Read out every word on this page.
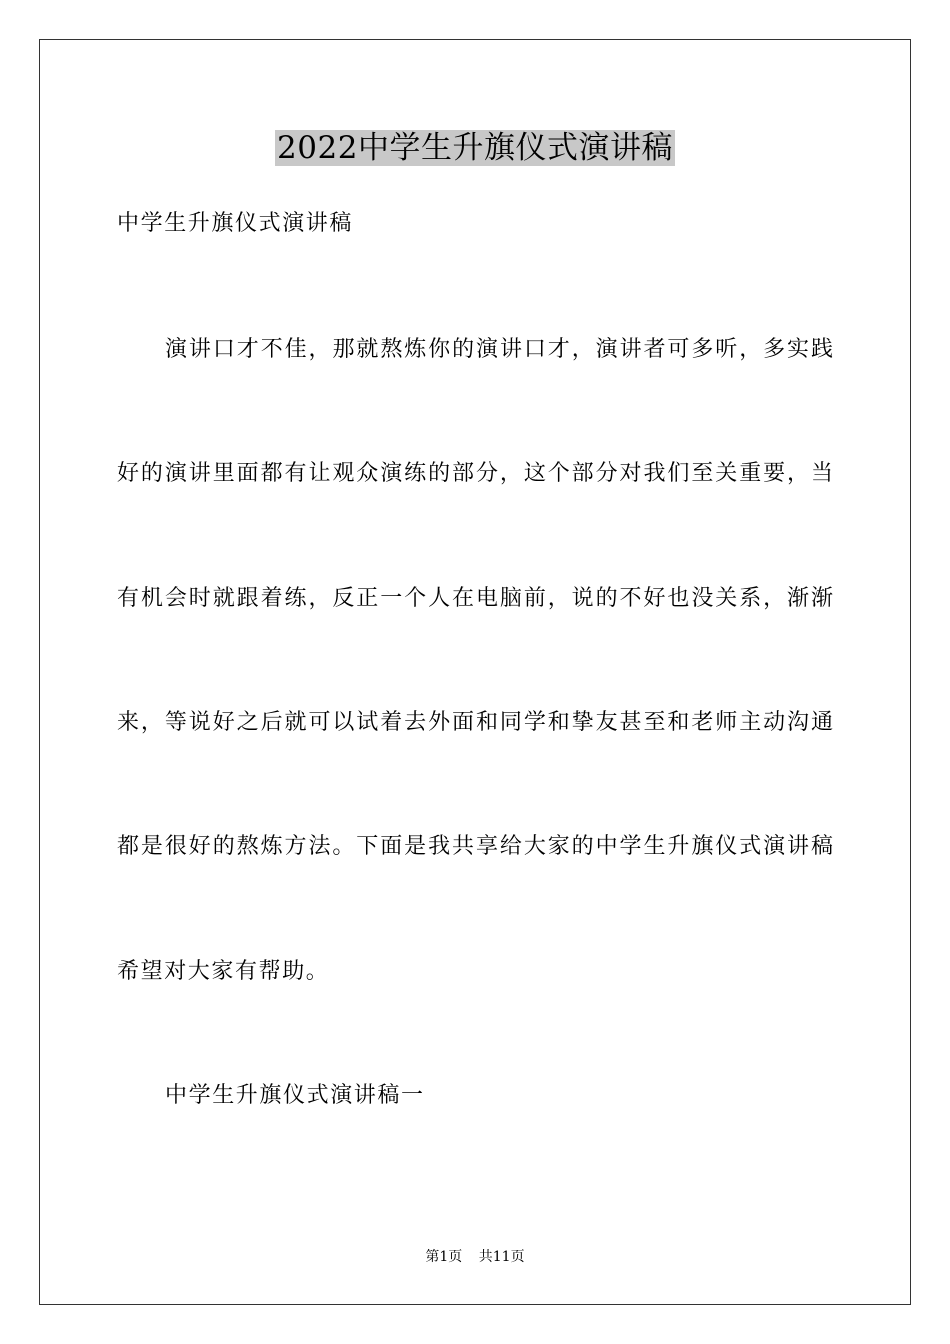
2022中学生升旗仪式演讲稿
中学生升旗仪式演讲稿
演讲口才不佳，那就熬炼你的演讲口才，演讲者可多听，多实践
好的演讲里面都有让观众演练的部分，这个部分对我们至关重要，当
有机会时就跟着练，反正一个人在电脑前，说的不好也没关系，渐渐
来，等说好之后就可以试着去外面和同学和挚友甚至和老师主动沟通
都是很好的熬炼方法。下面是我共享给大家的中学生升旗仪式演讲稿
希望对大家有帮助。
中学生升旗仪式演讲稿一
第1页 共11页
